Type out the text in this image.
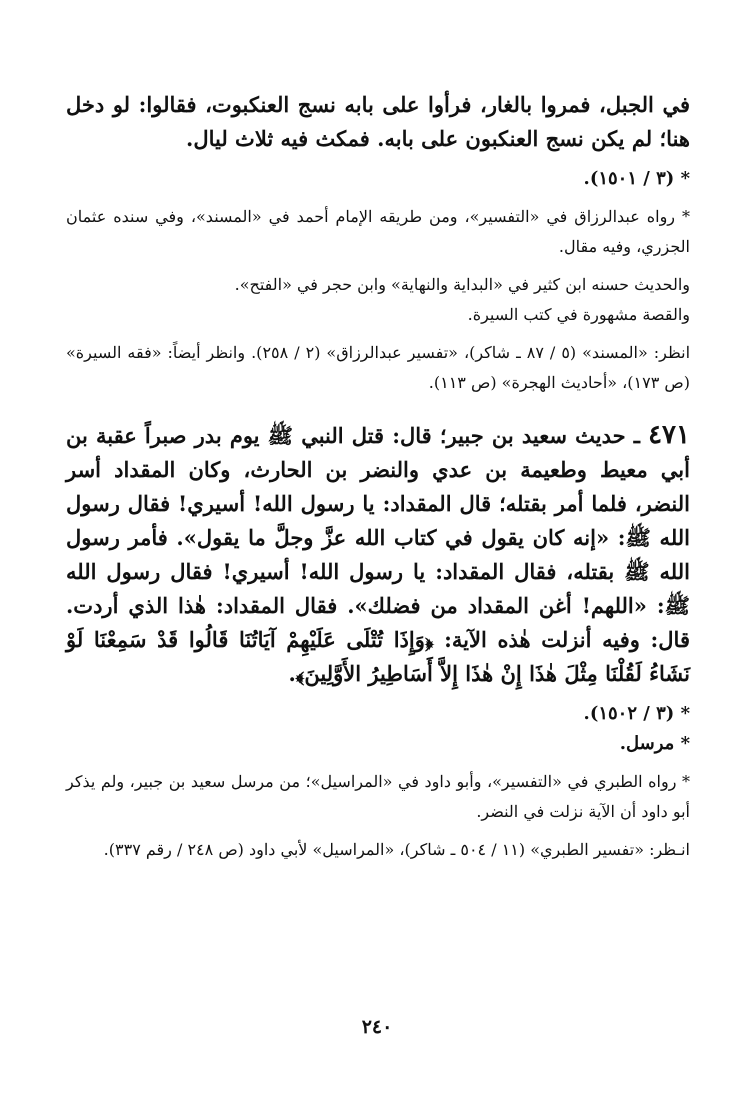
في الجبل، فمروا بالغار، فرأوا على بابه نسج العنكبوت، فقالوا: لو دخل هنا؛ لم يكن نسج العنكبون على بابه. فمكث فيه ثلاث ليال.

* (٣ / ١٥٠١).

* رواه عبدالرزاق في «التفسير»، ومن طريقه الإمام أحمد في «المسند»، وفي سنده عثمان الجزري، وفيه مقال.

والحديث حسنه ابن كثير في «البداية والنهاية» وابن حجر في «الفتح».

والقصة مشهورة في كتب السيرة.

انظر: «المسند» (٥ / ٨٧ ـ شاكر)، «تفسير عبدالرزاق» (٢ / ٢٥٨). وانظر أيضاً: «فقه السيرة» (ص ١٧٣)، «أحاديث الهجرة» (ص ١١٣).

٤٧١ ـ حديث سعيد بن جبير؛ قال: قتل النبي ﷺ يوم بدر صبراً عقبة بن أبي معيط وطعيمة بن عدي والنضر بن الحارث، وكان المقداد أسر النضر، فلما أمر بقتله؛ قال المقداد: يا رسول الله! أسيري! فقال رسول الله ﷺ: «إنه كان يقول في كتاب الله عزَّ وجلَّ ما يقول». فأمر رسول الله ﷺ بقتله، فقال المقداد: يا رسول الله! أسيري! فقال رسول الله ﷺ: «اللهم! أغن المقداد من فضلك». فقال المقداد: هٰذا الذي أردت. قال: وفيه أنزلت هٰذه الآية: ﴿وَإِذَا تُتْلَى عَلَيْهِمْ آيَاتُنَا قَالُوا قَدْ سَمِعْنَا لَوْ نَشَاءُ لَقُلْنَا مِثْلَ هٰذَا إِنْ هٰذَا إِلاَّ أَسَاطِيرُ الأَوَّلِينَ﴾.

* (٣ / ١٥٠٢).

* مرسل.

* رواه الطبري في «التفسير»، وأبو داود في «المراسيل»؛ من مرسل سعيد بن جبير، ولم يذكر أبو داود أن الآية نزلت في النضر.

انـظر: «تفسير الطبري» (١١ / ٥٠٤ ـ شاكر)، «المراسيل» لأبي داود (ص ٢٤٨ / رقم ٣٣٧).

٢٤٠
